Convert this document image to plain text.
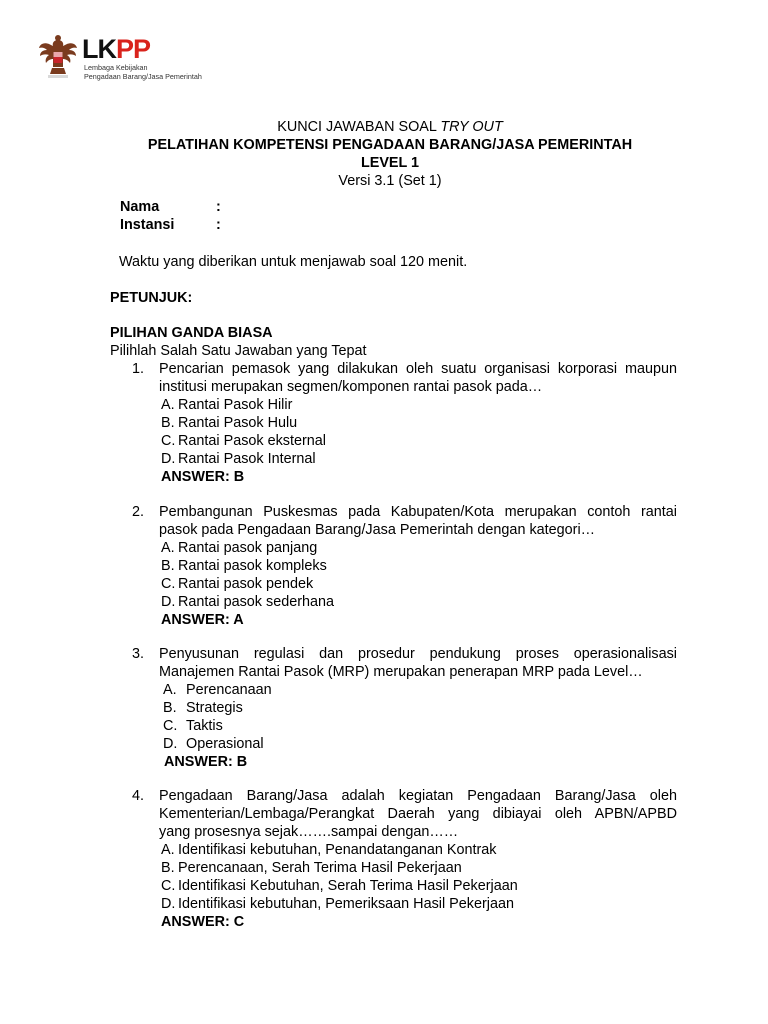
LKPP
Lembaga Kebijakan
Pengadaan Barang/Jasa Pemerintah
KUNCI JAWABAN SOAL TRY OUT
PELATIHAN KOMPETENSI PENGADAAN BARANG/JASA PEMERINTAH
LEVEL 1
Versi 3.1 (Set 1)
Nama	:
Instansi	:
Waktu yang diberikan untuk menjawab soal 120 menit.
PETUNJUK:
PILIHAN GANDA BIASA
Pilihlah Salah Satu Jawaban yang Tepat
1. Pencarian pemasok yang dilakukan oleh suatu organisasi korporasi maupun
institusi merupakan segmen/komponen rantai pasok pada…
A. Rantai Pasok Hilir
B. Rantai Pasok Hulu
C. Rantai Pasok eksternal
D. Rantai Pasok Internal
ANSWER: B
2. Pembangunan Puskesmas pada Kabupaten/Kota merupakan contoh rantai
pasok pada Pengadaan Barang/Jasa Pemerintah dengan kategori…
A. Rantai pasok panjang
B. Rantai pasok kompleks
C. Rantai pasok pendek
D. Rantai pasok sederhana
ANSWER: A
3. Penyusunan regulasi dan prosedur pendukung proses operasionalisasi
Manajemen Rantai Pasok (MRP) merupakan penerapan MRP pada Level…
A. Perencanaan
B. Strategis
C. Taktis
D. Operasional
ANSWER: B
4. Pengadaan Barang/Jasa adalah kegiatan Pengadaan Barang/Jasa oleh
Kementerian/Lembaga/Perangkat Daerah yang dibiayai oleh APBN/APBD
yang prosesnya sejak…….sampai dengan……
A. Identifikasi kebutuhan, Penandatanganan Kontrak
B. Perencanaan, Serah Terima Hasil Pekerjaan
C. Identifikasi Kebutuhan, Serah Terima Hasil Pekerjaan
D. Identifikasi kebutuhan, Pemeriksaan Hasil Pekerjaan
ANSWER: C
